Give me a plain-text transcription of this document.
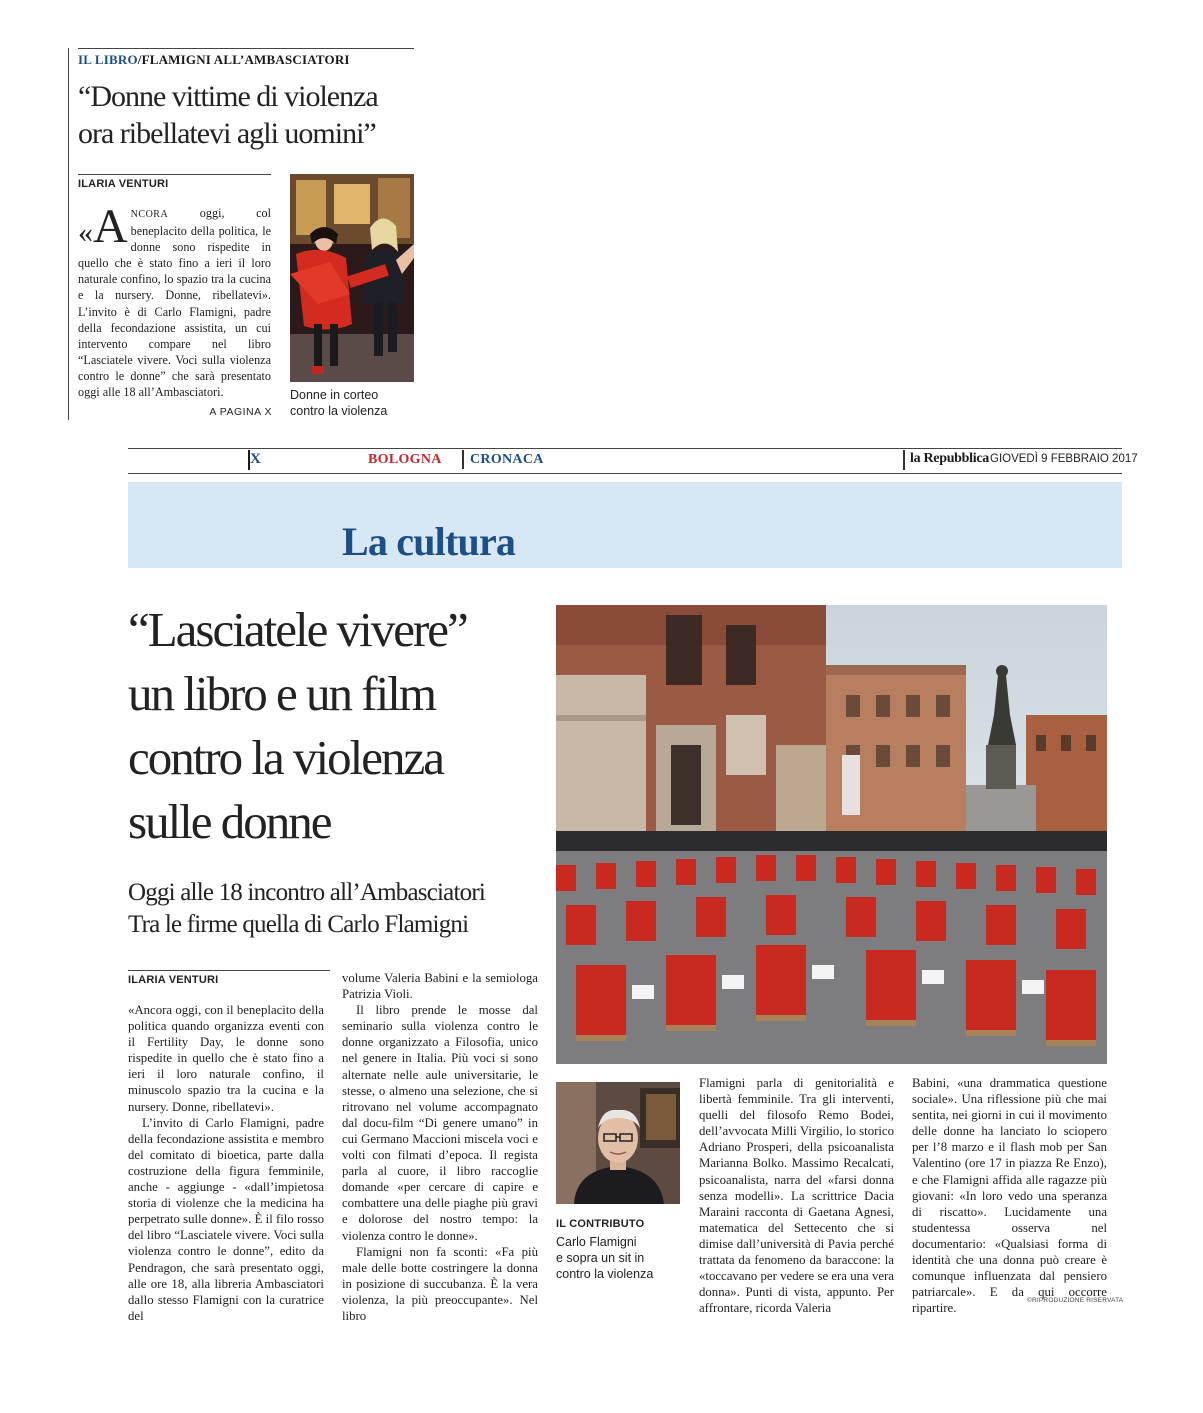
IL LIBRO/FLAMIGNI ALL’AMBASCIATORI
“Donne vittime di violenza
ora ribellatevi agli uomini”
ILARIA VENTURI
«A NCORA oggi, col beneplacito della politica, le donne sono rispedite in quello che è stato fino a ieri il loro naturale confino, lo spazio tra la cucina e la nursery. Donne, ribellatevi». L’invito è di Carlo Flamigni, padre della fecondazione assistita, un cui intervento compare nel libro “Lasciatele vivere. Voci sulla violenza contro le donne” che sarà presentato oggi alle 18 all’Ambasciatori.
A PAGINA X
Donne in corteo
contro la violenza
X	BOLOGNA CRONACA	la Repubblica GIOVEDÌ 9 FEBBRAIO 2017
La cultura
“Lasciatele vivere”
un libro e un film
contro la violenza
sulle donne
Oggi alle 18 incontro all’Ambasciatori
Tra le firme quella di Carlo Flamigni
ILARIA VENTURI

«Ancora oggi, con il beneplacito della politica quando organizza eventi con il Fertility Day, le donne sono rispedite in quello che è stato fino a ieri il loro naturale confino, il minuscolo spazio tra la cucina e la nursery. Donne, ribellatevi».

L’invito di Carlo Flamigni, padre della fecondazione assistita e membro del comitato di bioetica, parte dalla costruzione della figura femminile, anche - aggiunge - «dall’impietosa storia di violenze che la medicina ha perpetrato sulle donne». È il filo rosso del libro “Lasciatele vivere. Voci sulla violenza contro le donne”, edito da Pendragon, che sarà presentato oggi, alle ore 18, alla libreria Ambasciatori dallo stesso Flamigni con la curatrice del

volume Valeria Babini e la semiologa Patrizia Violi.

Il libro prende le mosse dal seminario sulla violenza contro le donne organizzato a Filosofia, unico nel genere in Italia. Più voci si sono alternate nelle aule universitarie, le stesse, o almeno una selezione, che si ritrovano nel volume accompagnato dal docu-film “Di genere umano” in cui Germano Maccioni miscela voci e volti con filmati d’epoca. Il regista parla al cuore, il libro raccoglie domande «per cercare di capire e combattere una delle piaghe più gravi e dolorose del nostro tempo: la violenza contro le donne».

Flamigni non fa sconti: «Fa più male delle botte costringere la donna in posizione di succubanza. È la vera violenza, la più preoccupante». Nel libro

IL CONTRIBUTO
Carlo Flamigni
e sopra un sit in
contro la violenza

Flamigni parla di genitorialità e libertà femminile. Tra gli interventi, quelli del filosofo Remo Bodei, dell’avvocata Milli Virgilio, lo storico Adriano Prosperi, della psicoanalista Marianna Bolko. Massimo Recalcati, psicoanalista, narra del «farsi donna senza modelli». La scrittrice Dacia Maraini racconta di Gaetana Agnesi, matematica del Settecento che si dimise dall’università di Pavia perché trattata da fenomeno da baraccone: la «toccavano per vedere se era una vera donna». Punti di vista, appunto. Per affrontare, ricorda Valeria

Babini, «una drammatica questione sociale». Una riflessione più che mai sentita, nei giorni in cui il movimento delle donne ha lanciato lo sciopero per l’8 marzo e il flash mob per San Valentino (ore 17 in piazza Re Enzo), e che Flamigni affida alle ragazze più giovani: «In loro vedo una speranza di riscatto». Lucidamente una studentessa osserva nel documentario: «Qualsiasi forma di identità che una donna può creare è comunque influenzata dal pensiero patriarcale». E da qui occorre ripartire.

©RIPRODUZIONE RISERVATA
